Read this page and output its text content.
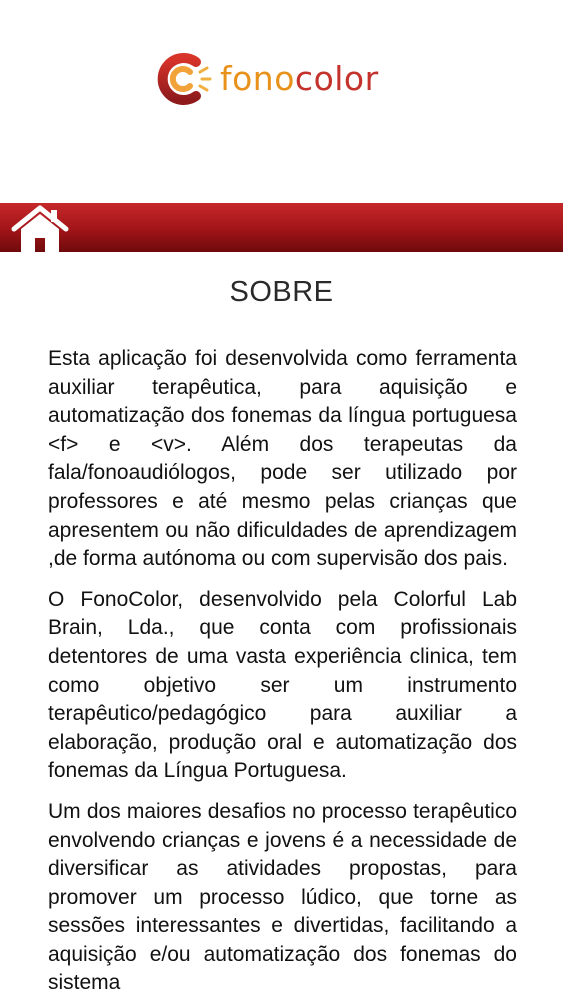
fonocolor
SOBRE

Esta aplicação foi desenvolvida como ferramenta auxiliar terapêutica, para aquisição e automatização dos fonemas da língua portuguesa <f> e <v>. Além dos terapeutas da fala/fonoaudiólogos, pode ser utilizado por professores e até mesmo pelas crianças que apresentem ou não dificuldades de aprendizagem ,de forma autónoma ou com supervisão dos pais.

O FonoColor, desenvolvido pela Colorful Lab Brain, Lda., que conta com profissionais detentores de uma vasta experiência clinica, tem como objetivo ser um instrumento terapêutico/pedagógico para auxiliar a elaboração, produção oral e automatização dos fonemas da Língua Portuguesa.

Um dos maiores desafios no processo terapêutico envolvendo crianças e jovens é a necessidade de diversificar as atividades propostas, para promover um processo lúdico, que torne as sessões interessantes e divertidas, facilitando a aquisição e/ou automatização dos fonemas do sistema
